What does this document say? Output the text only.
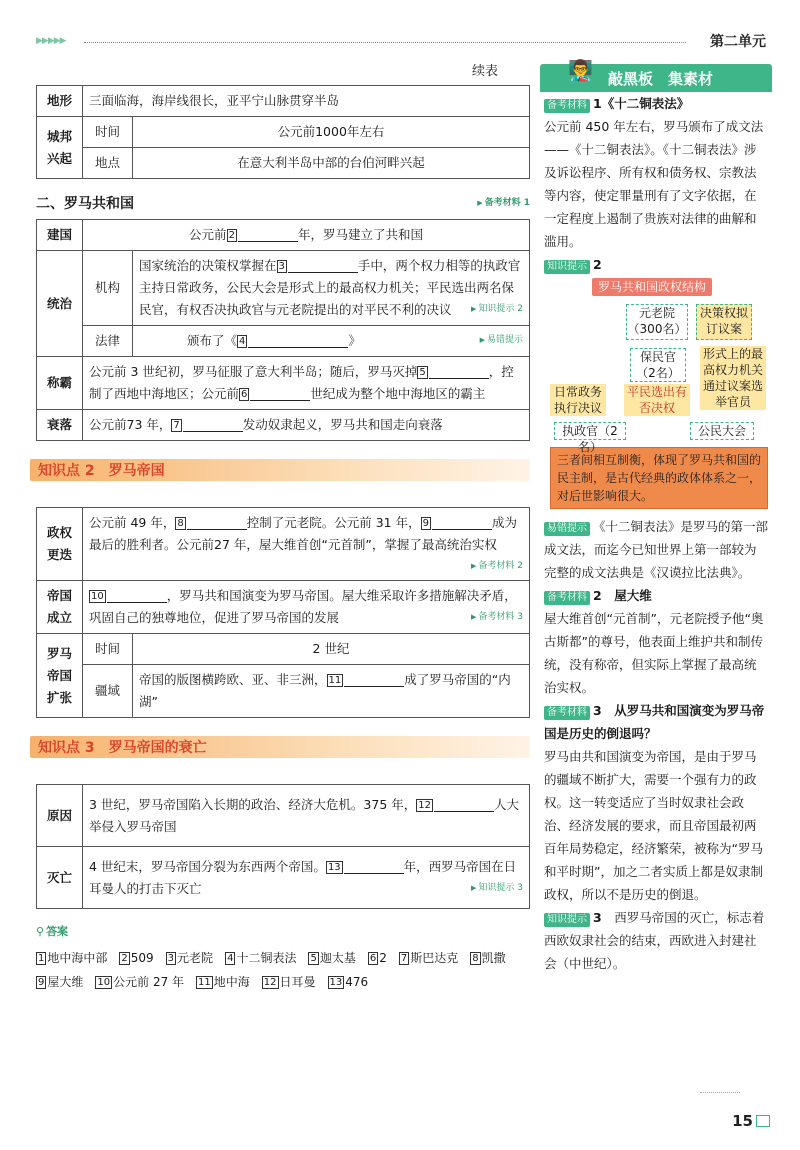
▶▶▶▶▶	第二单元
续表
地形	三面临海，海岸线很长，亚平宁山脉贯穿半岛	
城邦兴起	时间	公元前1000年左右
	地点	在意大利半岛中部的台伯河畔兴起
二、罗马共和国	▶ 备考材料 1
建国	公元前 2 年，罗马建立了共和国	
统治	机构	国家统治的决策权掌握在 3 手中，两个权力相等的执政官主持日常政务，公民大会是形式上的最高权力机关；平民选出两名保民官，有权否决执政官与元老院提出的对平民不利的决议 ▶ 知识提示 2

	法律	颁布了《 4 》 ▶ 易错提示

称霸	公元前 3 世纪初，罗马征服了意大利半岛；随后，罗马灭掉 5 ，控制了西地中海地区；公元前 6 世纪成为整个地中海地区的霸主	
衰落	公元前73 年， 7 发动奴隶起义，罗马共和国走向衰落	
知识点 2　罗马帝国
政权更迭	公元前 49 年， 8 控制了元老院。公元前 31 年， 9 成为最后的胜利者。公元前27 年，屋大维首创“元首制”，掌握了最高统治实权
▶ 备考材料 2

帝国成立	10 ，罗马共和国演变为罗马帝国。屋大维采取许多措施解决矛盾，巩固自己的独尊地位，促进了罗马帝国的发展 ▶ 备考材料 3

罗马帝国扩张	时间	2 世纪
	疆域	帝国的版图横跨欧、亚、非三洲， 11 成了罗马帝国的“内湖”
知识点 3　罗马帝国的衰亡
原因	3 世纪，罗马帝国陷入长期的政治、经济大危机。375 年， 12 人大举侵入罗马帝国
灭亡	4 世纪末，罗马帝国分裂为东西两个帝国。 13 年，西罗马帝国在日耳曼人的打击下灭亡 ▶ 知识提示 3
⚲ 答案
1 地中海中部 2 509 3 元老院 4 十二铜表法 5 迦太基 6 2 7 斯巴达克 8 凯撒9 屋大维 10 公元前 27 年 11 地中海 12 日耳曼 13 476
👨‍🏫 敲黑板　集素材
备考材料 1《十二铜表法》
公元前 450 年左右，罗马颁布了成文法——《十二铜表法》。《十二铜表法》涉及诉讼程序、所有权和债务权、宗教法等内容，使定罪量刑有了文字依据，在一定程度上遏制了贵族对法律的曲解和滥用。
知识提示 2
罗马共和国政权结构
元老院（300名）
决策权拟订议案
保民官（2名）
形式上的最高权力机关通过议案选举官员
日常政务执行决议
平民选出有否决权
执政官（2名）
公民大会
三者间相互制衡，体现了罗马共和国的民主制，是古代经典的政体体系之一，对后世影响很大。
易错提示 《十二铜表法》是罗马的第一部成文法，而迄今已知世界上第一部较为完整的成文法典是《汉谟拉比法典》。
备考材料 2　 屋大维
屋大维首创“元首制”，元老院授予他“奥古斯都”的尊号，他表面上维护共和制传统，没有称帝，但实际上掌握了最高统治实权。
备考材料 3　 从罗马共和国演变为罗马帝国是历史的倒退吗？
罗马由共和国演变为帝国，是由于罗马的疆域不断扩大，需要一个强有力的政权。这一转变适应了当时奴隶社会政治、经济发展的要求，而且帝国最初两百年局势稳定，经济繁荣，被称为“罗马和平时期”，加之二者实质上都是奴隶制政权，所以不是历史的倒退。
知识提示 3　 西罗马帝国的灭亡，标志着西欧奴隶社会的结束，西欧进入封建社会（中世纪）。
15
